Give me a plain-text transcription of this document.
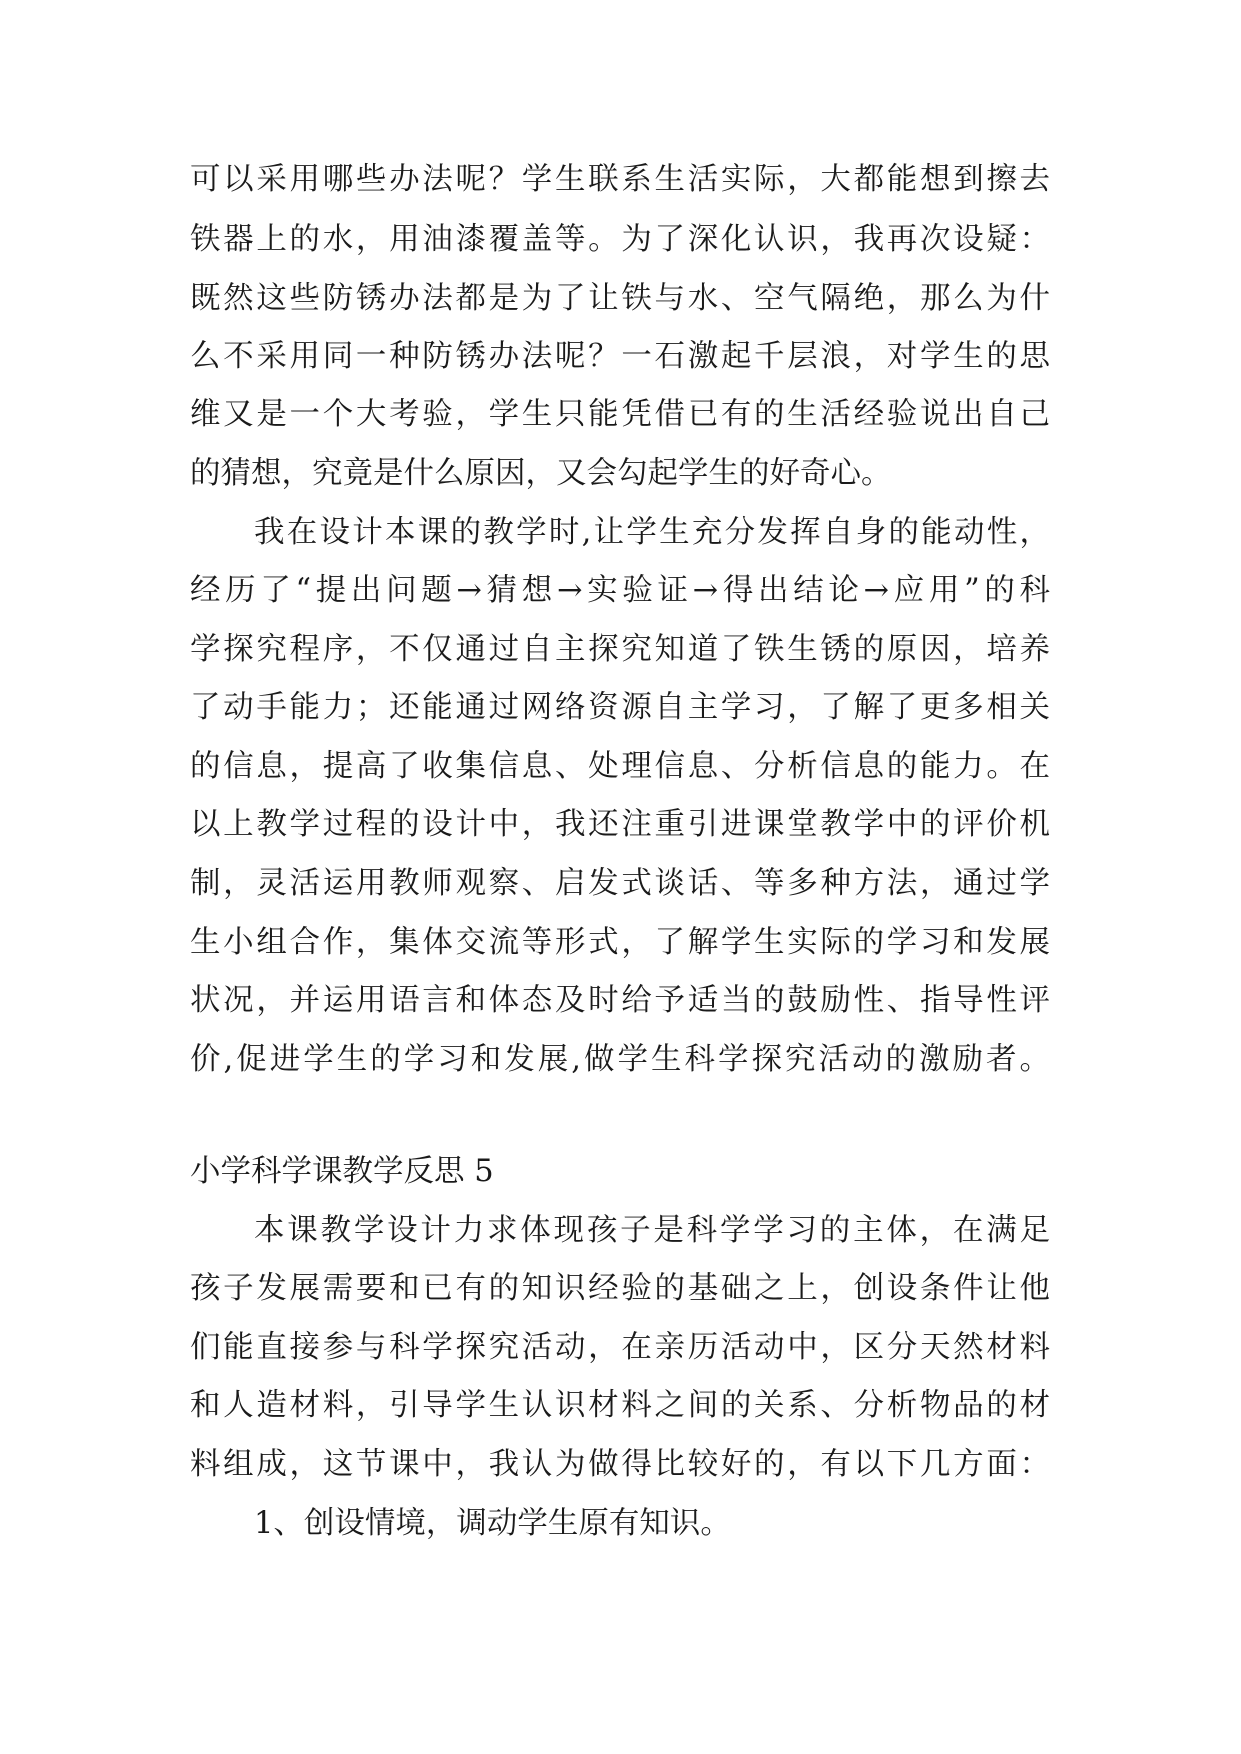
可以采用哪些办法呢？学生联系生活实际，大都能想到擦去

铁器上的水，用油漆覆盖等。为了深化认识，我再次设疑：

既然这些防锈办法都是为了让铁与水、空气隔绝，那么为什

么不采用同一种防锈办法呢？一石激起千层浪，对学生的思

维又是一个大考验，学生只能凭借已有的生活经验说出自己

的猜想，究竟是什么原因，又会勾起学生的好奇心。

我在设计本课的教学时,让学生充分发挥自身的能动性，

经历了“提出问题→猜想→实验证→得出结论→应用”的科

学探究程序，不仅通过自主探究知道了铁生锈的原因，培养

了动手能力；还能通过网络资源自主学习，了解了更多相关

的信息，提高了收集信息、处理信息、分析信息的能力。在

以上教学过程的设计中，我还注重引进课堂教学中的评价机

制，灵活运用教师观察、启发式谈话、等多种方法，通过学

生小组合作，集体交流等形式，了解学生实际的学习和发展

状况，并运用语言和体态及时给予适当的鼓励性、指导性评

价,促进学生的学习和发展,做学生科学探究活动的激励者。

小学科学课教学反思 5

本课教学设计力求体现孩子是科学学习的主体，在满足

孩子发展需要和已有的知识经验的基础之上，创设条件让他

们能直接参与科学探究活动，在亲历活动中，区分天然材料

和人造材料，引导学生认识材料之间的关系、分析物品的材

料组成，这节课中，我认为做得比较好的，有以下几方面：

1、创设情境，调动学生原有知识。
